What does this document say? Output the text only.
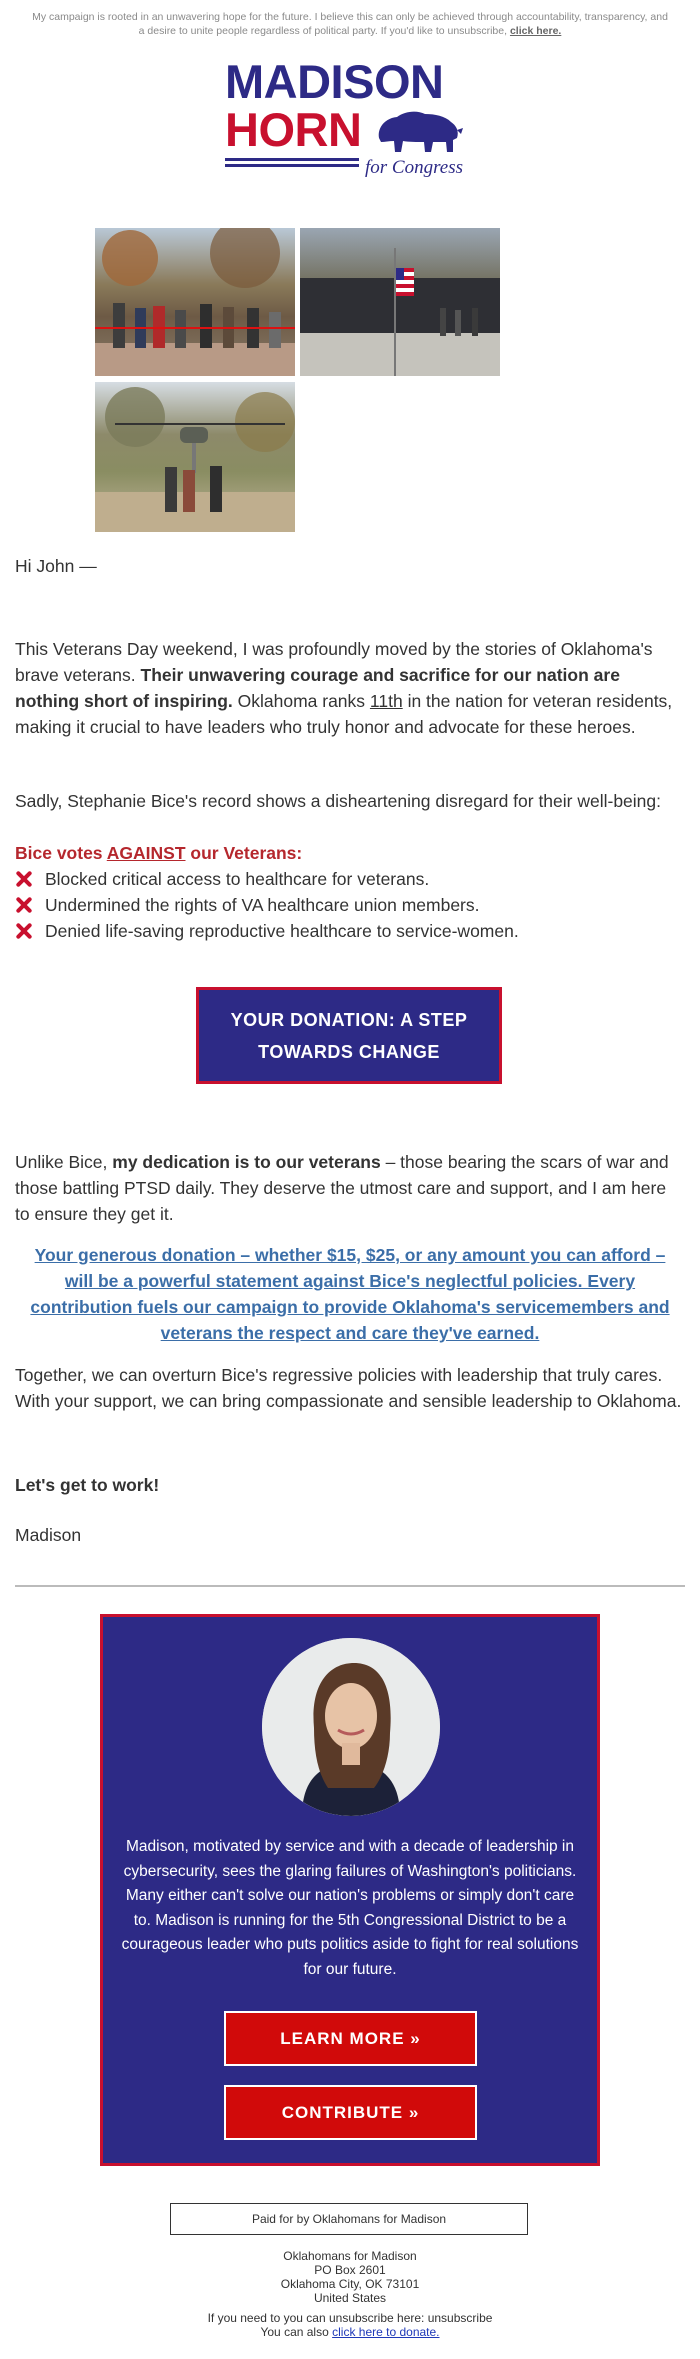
My campaign is rooted in an unwavering hope for the future. I believe this can only be achieved through accountability, transparency, and a desire to unite people regardless of political party. If you'd like to unsubscribe, click here.
MADISON
HORN
for Congress
Hi John —
This Veterans Day weekend, I was profoundly moved by the stories of Oklahoma's brave veterans. Their unwavering courage and sacrifice for our nation are nothing short of inspiring. Oklahoma ranks 11th in the nation for veteran residents, making it crucial to have leaders who truly honor and advocate for these heroes.
Sadly, Stephanie Bice's record shows a disheartening disregard for their well-being:
Bice votes AGAINST our Veterans:
Blocked critical access to healthcare for veterans.
Undermined the rights of VA healthcare union members.
Denied life-saving reproductive healthcare to service-women.
YOUR DONATION: A STEP TOWARDS CHANGE
Unlike Bice, my dedication is to our veterans – those bearing the scars of war and those battling PTSD daily. They deserve the utmost care and support, and I am here to ensure they get it.
Your generous donation – whether $15, $25, or any amount you can afford – will be a powerful statement against Bice's neglectful policies. Every contribution fuels our campaign to provide Oklahoma's servicemembers and veterans the respect and care they've earned.
Together, we can overturn Bice's regressive policies with leadership that truly cares. With your support, we can bring compassionate and sensible leadership to Oklahoma.
Let's get to work!
Madison
Madison, motivated by service and with a decade of leadership in cybersecurity, sees the glaring failures of Washington's politicians. Many either can't solve our nation's problems or simply don't care to. Madison is running for the 5th Congressional District to be a courageous leader who puts politics aside to fight for real solutions for our future.
LEARN MORE »
CONTRIBUTE »
Paid for by Oklahomans for Madison
Oklahomans for Madison
PO Box 2601
Oklahoma City, OK 73101
United States
If you need to you can unsubscribe here: unsubscribe
You can also click here to donate.
